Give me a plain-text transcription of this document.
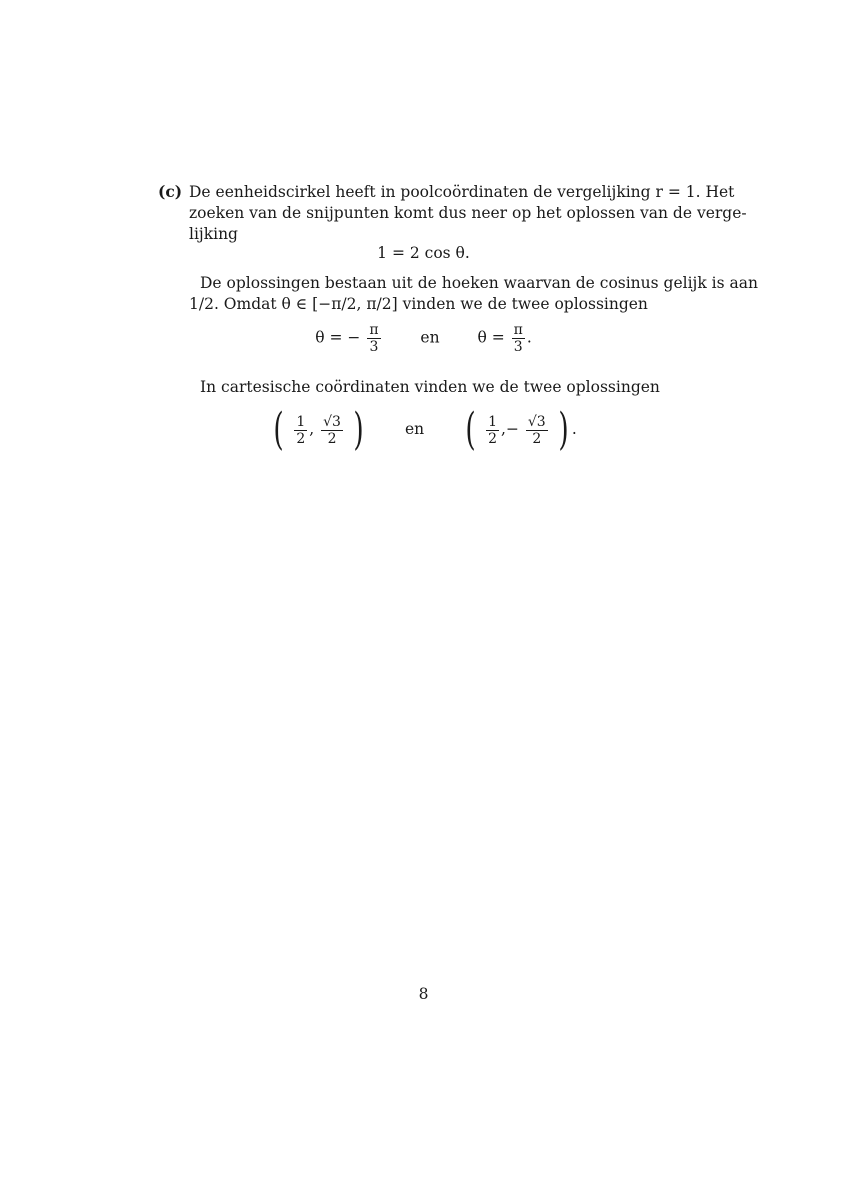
(c) De eenheidscirkel heeft in poolcoördinaten de vergelijking r = 1. Het
zoeken van de snijpunten komt dus neer op het oplossen van de verge-
lijking
1 = 2 cos θ.
De oplossingen bestaan uit de hoeken waarvan de cosinus gelijk is aan
1/2. Omdat θ ∈ [−π/2, π/2] vinden we de twee oplossingen
θ = − $\frac{\pi}{3}$	en $\theta = \frac{\pi}{3}$ .
In cartesische coördinaten vinden we de twee oplossingen
( $\frac{1}{2}$ , $\frac{√3}{2}$ )	en ( $\frac{1}{2}$ ,− $\frac{√3}{2}$ ) .
8
